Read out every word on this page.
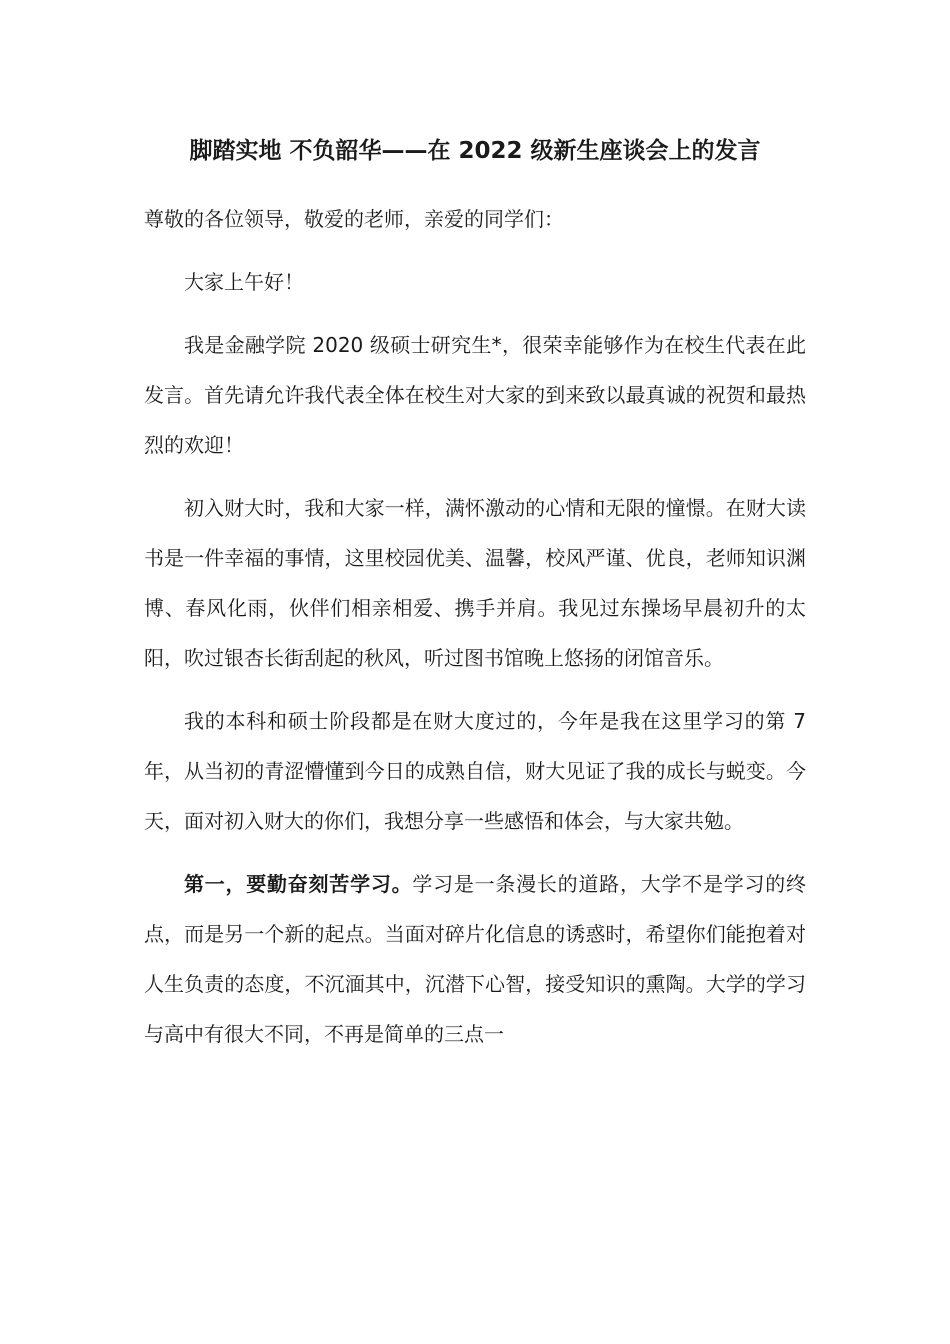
脚踏实地 不负韶华——在 2022 级新生座谈会上的发言

尊敬的各位领导，敬爱的老师，亲爱的同学们：

大家上午好！

我是金融学院 2020 级硕士研究生*，很荣幸能够作为在校生代表在此发言。首先请允许我代表全体在校生对大家的到来致以最真诚的祝贺和最热烈的欢迎！

初入财大时，我和大家一样，满怀激动的心情和无限的憧憬。在财大读书是一件幸福的事情，这里校园优美、温馨，校风严谨、优良，老师知识渊博、春风化雨，伙伴们相亲相爱、携手并肩。我见过东操场早晨初升的太阳，吹过银杏长街刮起的秋风，听过图书馆晚上悠扬的闭馆音乐。

我的本科和硕士阶段都是在财大度过的，今年是我在这里学习的第 7 年，从当初的青涩懵懂到今日的成熟自信，财大见证了我的成长与蜕变。今天，面对初入财大的你们，我想分享一些感悟和体会，与大家共勉。

第一，要勤奋刻苦学习。学习是一条漫长的道路，大学不是学习的终点，而是另一个新的起点。当面对碎片化信息的诱惑时，希望你们能抱着对人生负责的态度，不沉湎其中，沉潜下心智，接受知识的熏陶。大学的学习与高中有很大不同，不再是简单的三点一
